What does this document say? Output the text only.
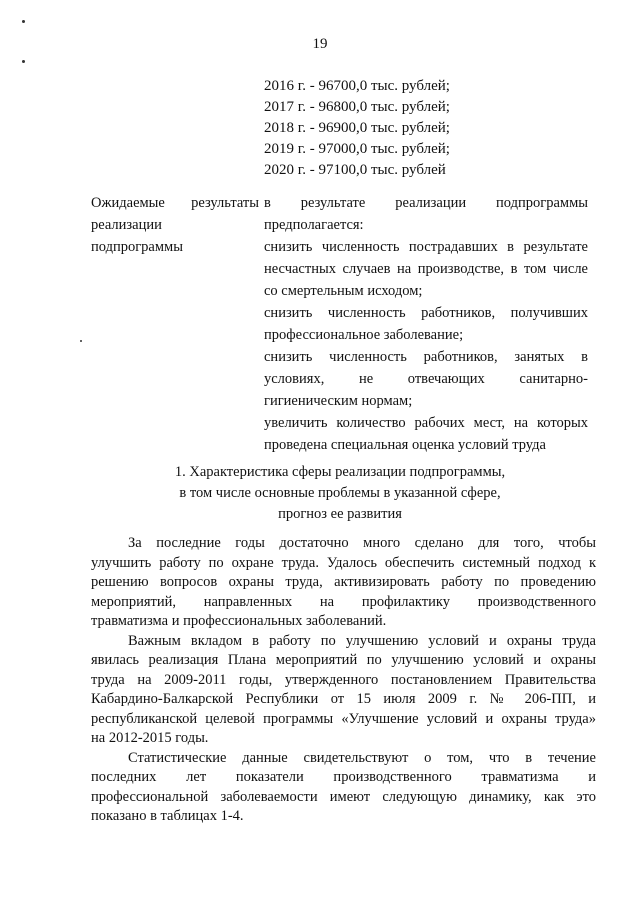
19
2016 г. - 96700,0 тыс. рублей;
2017 г. - 96800,0 тыс. рублей;
2018 г. - 96900,0 тыс. рублей;
2019 г. - 97000,0 тыс. рублей;
2020 г. - 97100,0 тыс. рублей
Ожидаемые результаты
реализации
подпрограммы
в результате реализации подпрограммы
предполагается:
снизить численность пострадавших в результате
несчастных случаев на производстве, в том числе
со смертельным исходом;
снизить численность работников, получивших
профессиональное заболевание;
снизить численность работников, занятых в
условиях, не отвечающих санитарно-
гигиеническим нормам;
увеличить количество рабочих мест, на которых
проведена специальная оценка условий труда
1. Характеристика сферы реализации подпрограммы,
в том числе основные проблемы в указанной сфере,
прогноз ее развития
За последние годы достаточно много сделано для того, чтобы
улучшить работу по охране труда. Удалось обеспечить системный подход к
решению вопросов охраны труда, активизировать работу по проведению
мероприятий, направленных на профилактику производственного
травматизма и профессиональных заболеваний.
Важным вкладом в работу по улучшению условий и охраны труда
явилась реализация Плана мероприятий по улучшению условий и охраны
труда на 2009-2011 годы, утвержденного постановлением Правительства
Кабардино-Балкарской Республики от 15 июля 2009 г. № 206-ПП, и
республиканской целевой программы «Улучшение условий и охраны труда»
на 2012-2015 годы.
Статистические данные свидетельствуют о том, что в течение
последних лет показатели производственного травматизма и
профессиональной заболеваемости имеют следующую динамику, как это
показано в таблицах 1-4.
